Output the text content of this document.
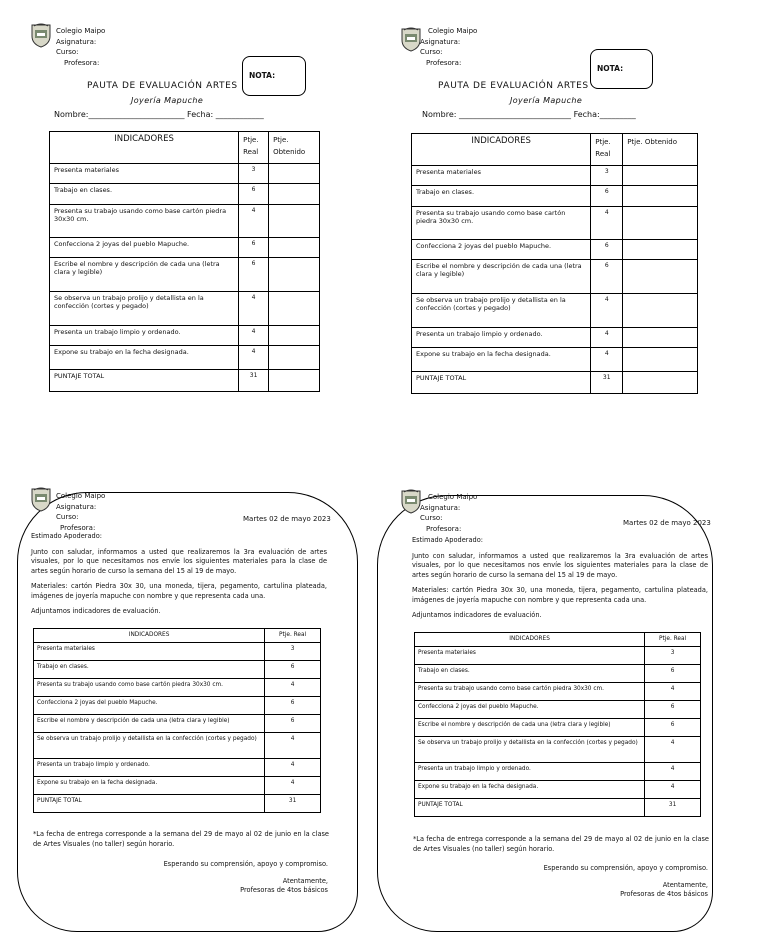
Colegio Maipo
Asignatura:
Curso:
Profesora:
NOTA:
PAUTA DE EVALUACIÓN ARTES
Joyería Mapuche
Nombre:________________________ Fecha: ____________
INDICADORES	Ptje. Real	Ptje. Obtenido
Presenta materiales	3	
Trabajo en clases.	6	
Presenta su trabajo usando como base cartón piedra 30x30 cm.	4	
Confecciona 2 joyas del pueblo Mapuche.	6	
Escribe el nombre y descripción de cada una (letra clara y legible)	6	
Se observa un trabajo prolijo y detallista en la confección (cortes y pegado)	4	
Presenta un trabajo limpio y ordenado.	4	
Expone su trabajo en la fecha designada.	4	
PUNTAJE TOTAL	31	
Colegio Maipo
Asignatura:
Curso:
Profesora:
NOTA:
PAUTA DE EVALUACIÓN ARTES
Joyería Mapuche
Nombre: ____________________________ Fecha:_________
INDICADORES	Ptje. Real	Ptje. Obtenido
Presenta materiales	3	
Trabajo en clases.	6	
Presenta su trabajo usando como base cartón piedra 30x30 cm.	4	
Confecciona 2 joyas del pueblo Mapuche.	6	
Escribe el nombre y descripción de cada una (letra clara y legible)	6	
Se observa un trabajo prolijo y detallista en la confección (cortes y pegado)	4	
Presenta un trabajo limpio y ordenado.	4	
Expone su trabajo en la fecha designada.	4	
PUNTAJE TOTAL	31	
Colegio Maipo
Asignatura:
Curso:
Profesora:
Martes 02 de mayo 2023

Estimado Apoderado:

Junto con saludar, informamos a usted que realizaremos la 3ra evaluación de artes visuales, por lo que necesitamos nos envíe los siguientes materiales para la clase de artes según horario de curso la semana del 15 al 19 de mayo.

Materiales: cartón Piedra 30x 30, una moneda, tijera, pegamento, cartulina plateada, imágenes de joyería mapuche con nombre y que representa cada una.

Adjuntamos indicadores de evaluación.

INDICADORES	Ptje. Real
Presenta materiales	3
Trabajo en clases.	6
Presenta su trabajo usando como base cartón piedra 30x30 cm.	4
Confecciona 2 joyas del pueblo Mapuche.	6
Escribe el nombre y descripción de cada una (letra clara y legible)	6
Se observa un trabajo prolijo y detallista en la confección (cortes y pegado)	4
Presenta un trabajo limpio y ordenado.	4
Expone su trabajo en la fecha designada.	4
PUNTAJE TOTAL	31

*La fecha de entrega corresponde a la semana del 29 de mayo al 02 de junio en la clase de Artes Visuales (no taller) según horario.

Esperando su comprensión, apoyo y compromiso.
Atentamente,
Profesoras de 4tos básicos
Colegio Maipo
Asignatura:
Curso:
Profesora:
Martes 02 de mayo 2023

Estimado Apoderado:

Junto con saludar, informamos a usted que realizaremos la 3ra evaluación de artes visuales, por lo que necesitamos nos envíe los siguientes materiales para la clase de artes según horario de curso la semana del 15 al 19 de mayo.

Materiales: cartón Piedra 30x 30, una moneda, tijera, pegamento, cartulina plateada, imágenes de joyería mapuche con nombre y que representa cada una.

Adjuntamos indicadores de evaluación.

INDICADORES	Ptje. Real
Presenta materiales	3
Trabajo en clases.	6
Presenta su trabajo usando como base cartón piedra 30x30 cm.	4
Confecciona 2 joyas del pueblo Mapuche.	6
Escribe el nombre y descripción de cada una (letra clara y legible)	6
Se observa un trabajo prolijo y detallista en la confección (cortes y pegado)	4
Presenta un trabajo limpio y ordenado.	4
Expone su trabajo en la fecha designada.	4
PUNTAJE TOTAL	31

*La fecha de entrega corresponde a la semana del 29 de mayo al 02 de junio en la clase de Artes Visuales (no taller) según horario.

Esperando su comprensión, apoyo y compromiso.
Atentamente,
Profesoras de 4tos básicos
